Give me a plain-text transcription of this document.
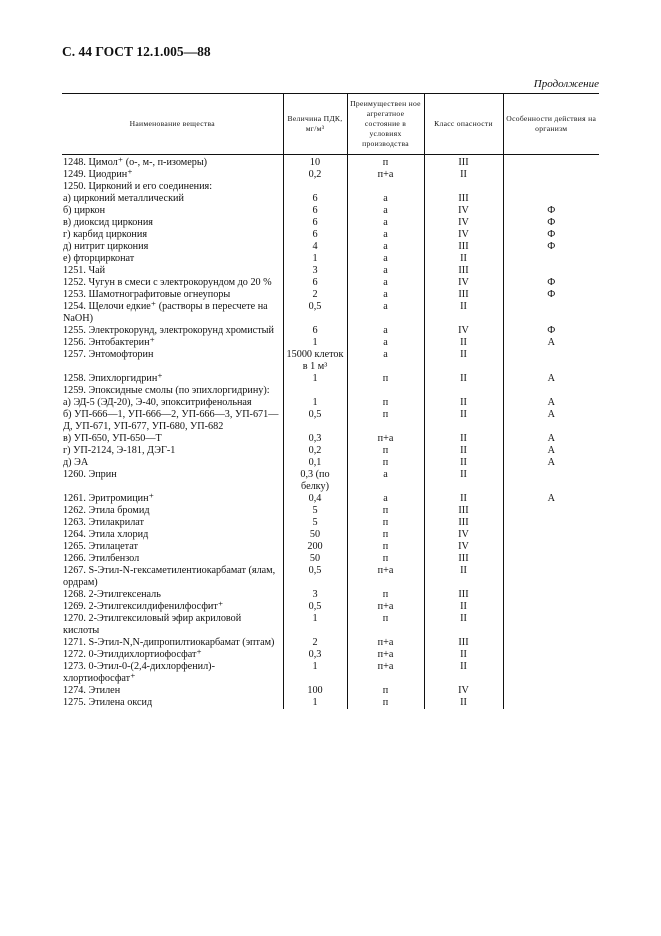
С. 44 ГОСТ 12.1.005—88
Продолжение
Наименование вещества	Величина ПДК, мг/м³	Преимуществен ное агрегатное состояние в условиях производства	Класс опасности	Особенности действия на организм

1248. Цимол⁺ (о-, м-, п-изомеры)	10	п	III	
1249. Циодрин⁺	0,2	п+а	II	
1250. Цирконий и его соединения:				
а) цирконий металлический	6	а	III	
б) циркон	6	а	IV	Ф
в) диоксид циркония	6	а	IV	Ф
г) карбид циркония	6	а	IV	Ф
д) нитрит циркония	4	а	III	Ф
е) фторцирконат	1	а	II	
1251. Чай	3	а	III	
1252. Чугун в смеси с электрокорундом до 20 %	6	а	IV	Ф
1253. Шамотнографитовые огнеупоры	2	а	III	Ф
1254. Щелочи едкие⁺ (растворы в пересчете на NaOH)	0,5	а	II	
1255. Электрокорунд, электрокорунд хромистый	6	а	IV	Ф
1256. Энтобактерин⁺	1	а	II	А
1257. Энтомофторин	15000 клеток в 1 м³	а	II	
1258. Эпихлоргидрин⁺	1	п	II	А
1259. Эпоксидные смолы (по эпихлоргидрину):				
а) ЭД-5 (ЭД-20), Э-40, эпокситрифенольная	1	п	II	А
б) УП-666—1, УП-666—2, УП-666—3, УП-671—Д, УП-671, УП-677, УП-680, УП-682	0,5	п	II	А
в) УП-650, УП-650—Т	0,3	п+а	II	А
г) УП-2124, Э-181, ДЭГ-1	0,2	п	II	А
д) ЭА	0,1	п	II	А
1260. Эприн	0,3 (по белку)	а	II	
1261. Эритромицин⁺	0,4	а	II	А
1262. Этила бромид	5	п	III	
1263. Этилакрилат	5	п	III	
1264. Этила хлорид	50	п	IV	
1265. Этилацетат	200	п	IV	
1266. Этилбензол	50	п	III	
1267. S-Этил-N-гексаметилентиокарбамат (ялам, ордрам)	0,5	п+а	II	
1268. 2-Этилгексеналь	3	п	III	
1269. 2-Этилгексилдифенилфосфит⁺	0,5	п+а	II	
1270. 2-Этилгексиловый эфир акриловой кислоты	1	п	II	
1271. S-Этил-N,N-дипропилтиокарбамат (эптам)	2	п+а	III	
1272. 0-Этилдихлортиофосфат⁺	0,3	п+а	II	
1273. 0-Этил-0-(2,4-дихлорфенил)-хлортиофосфат⁺	1	п+а	II	
1274. Этилен	100	п	IV	
1275. Этилена оксид	1	п	II	
